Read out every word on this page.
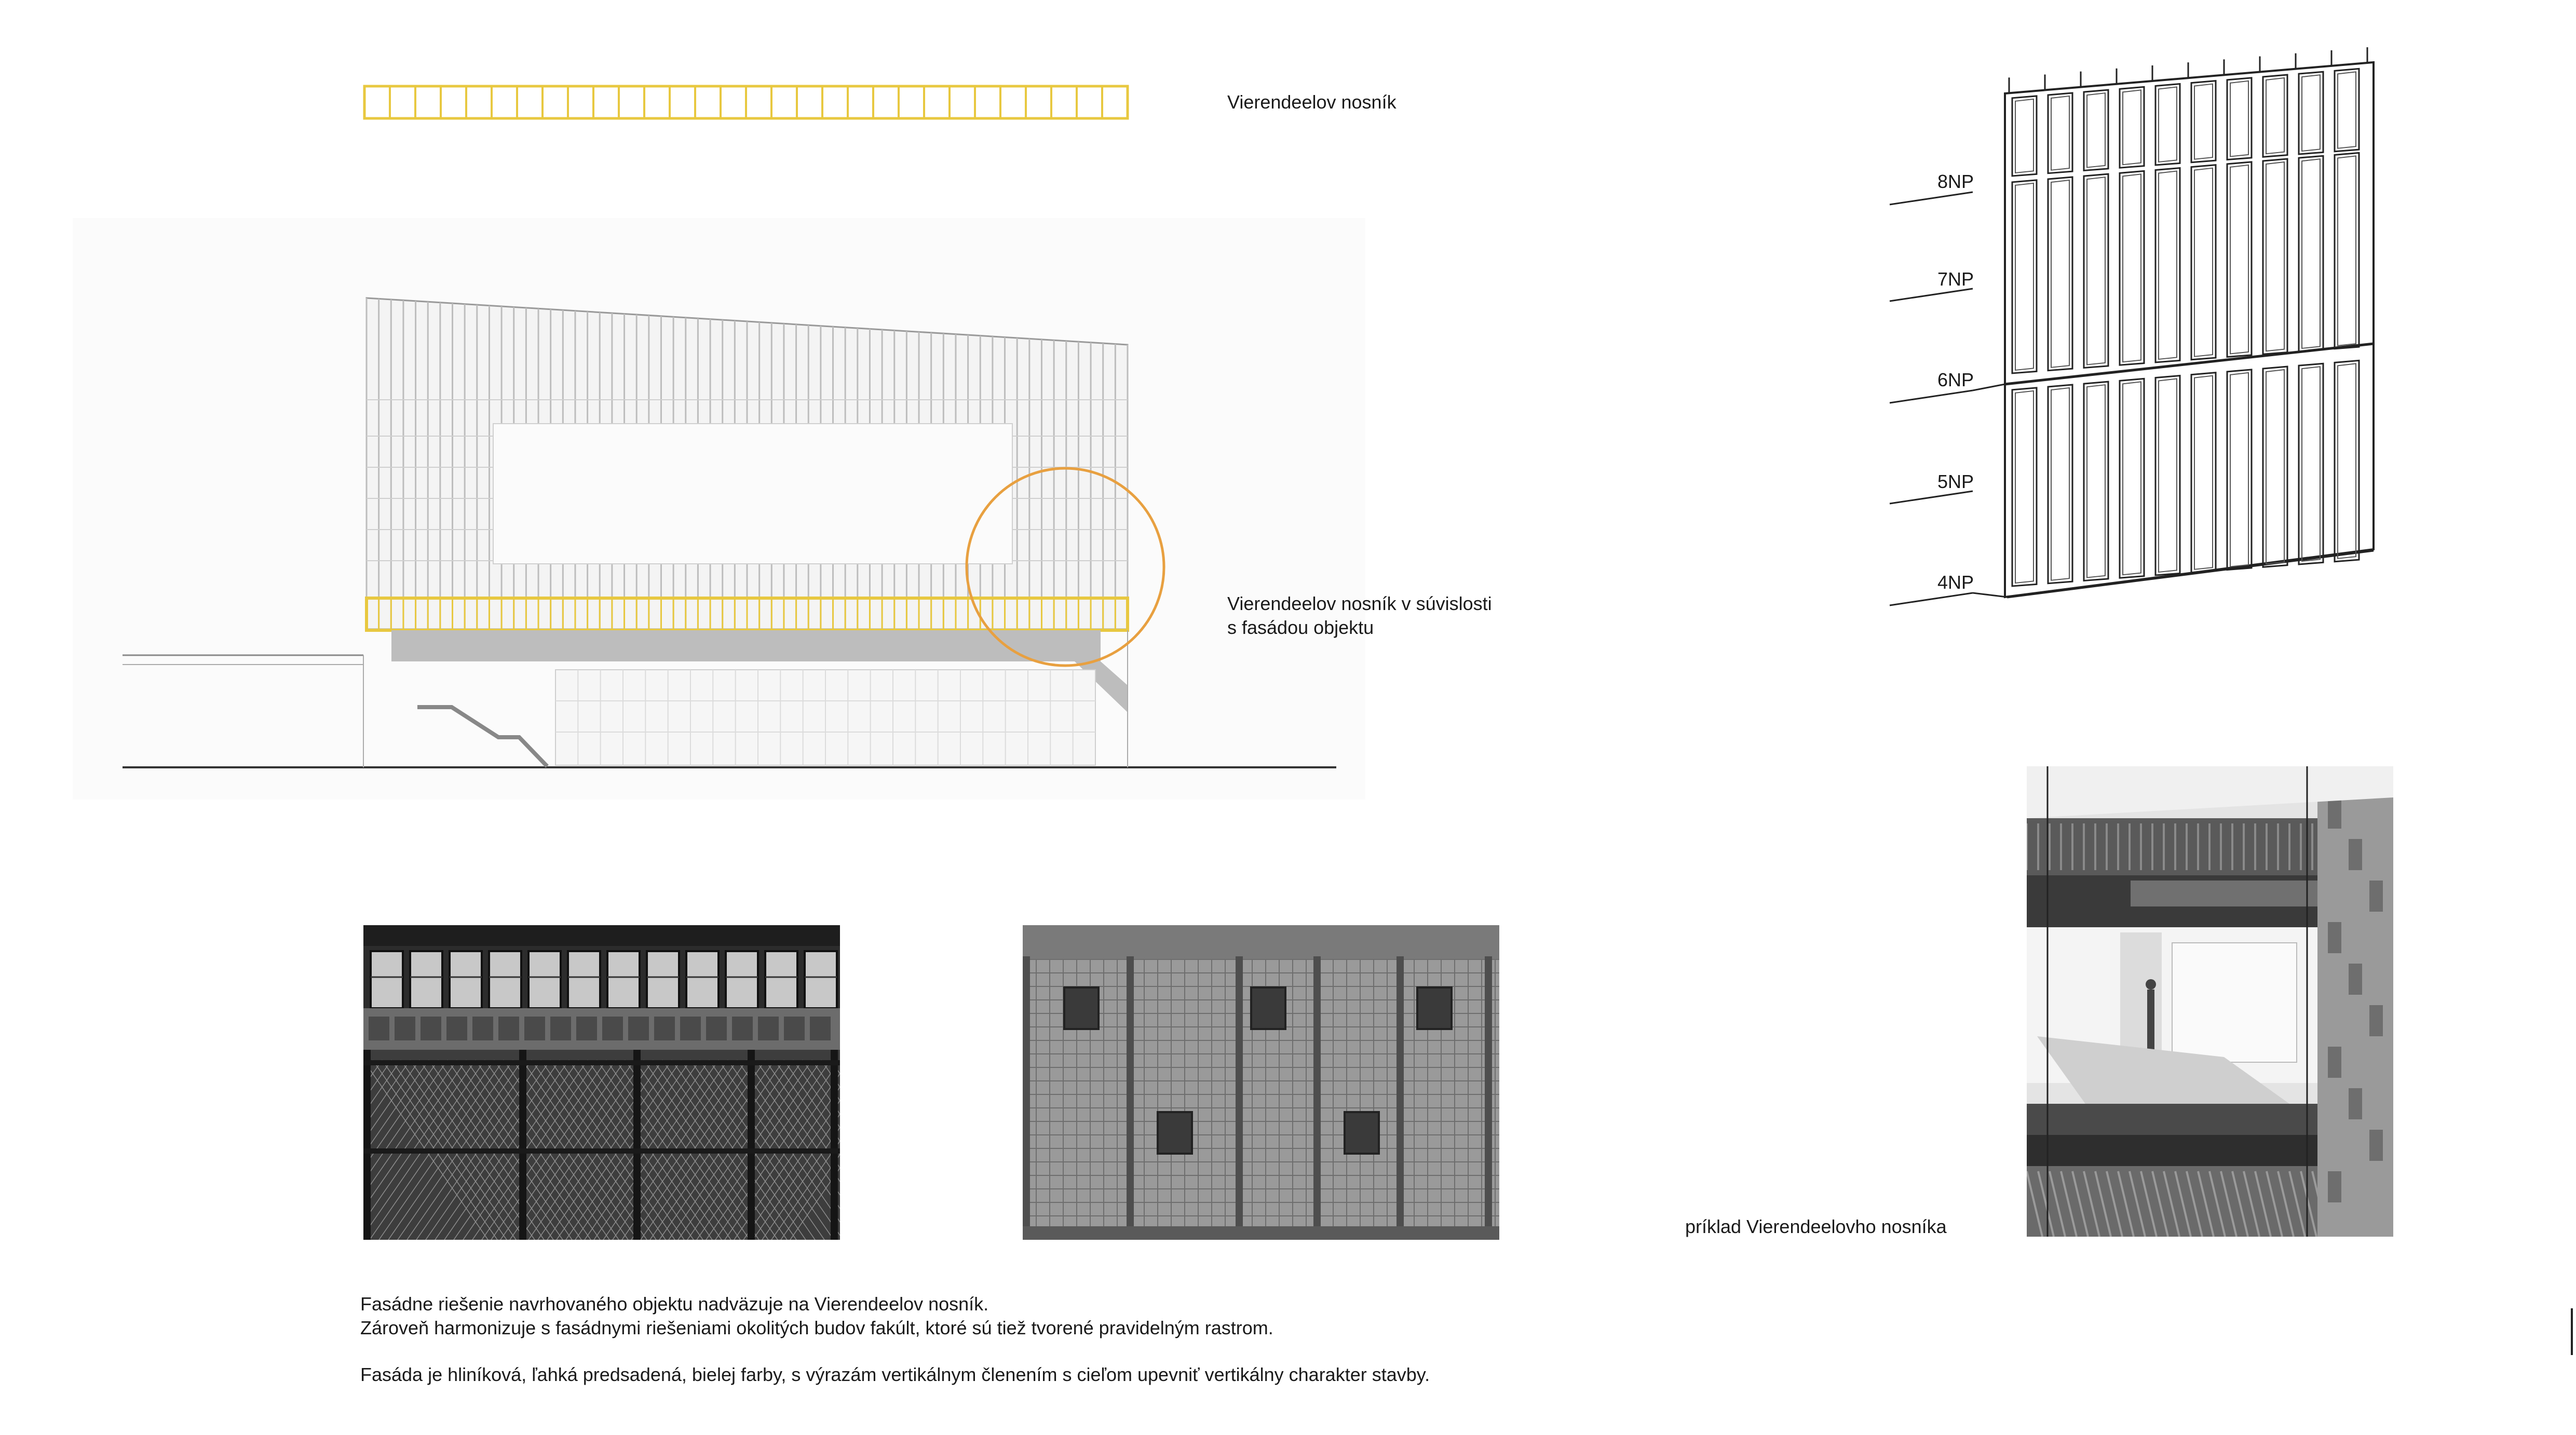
Vierendeelov nosník
Vierendeelov nosník v súvislosti
s fasádou objektu
8NP
7NP
6NP
5NP
4NP
príklad Vierendeelovho nosníka
Fasádne riešenie navrhovaného objektu nadväzuje na Vierendeelov nosník.
Zároveň harmonizuje s fasádnymi riešeniami okolitých budov fakúlt, ktoré sú tiež tvorené pravidelným rastrom.
Fasáda je hliníková, ľahká predsadená, bielej farby, s výrazám vertikálnym členením s cieľom upevniť vertikálny charakter stavby.
